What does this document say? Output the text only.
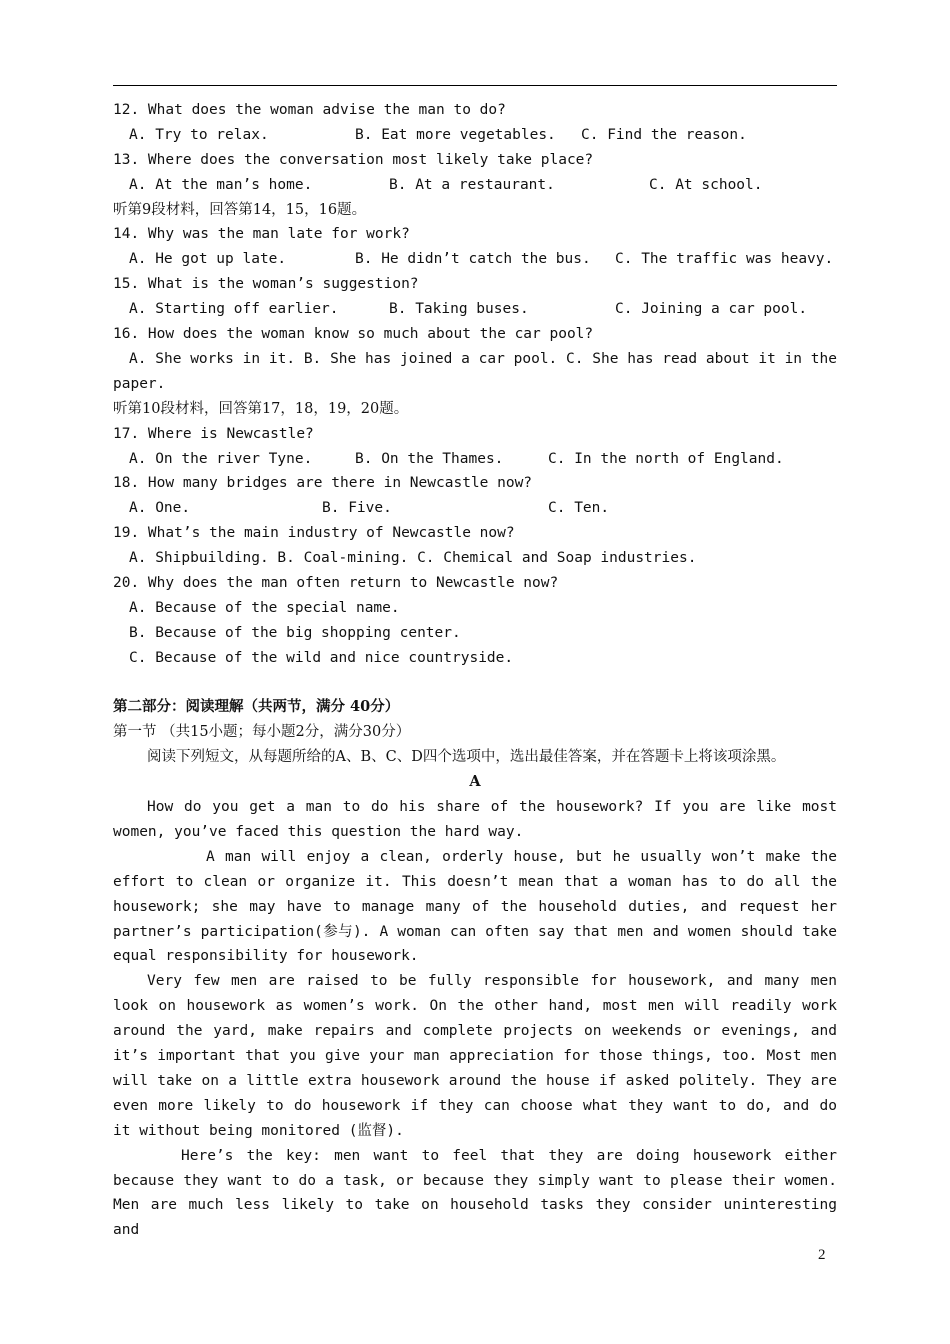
12. What does the woman advise the man to do?
A. Try to relax.	B. Eat more vegetables.	C. Find the reason.
13. Where does the conversation most likely take place?
A. At the man’s home.	B. At a restaurant.	C. At school.
听第9段材料，回答第14，15，16题。
14. Why was the man late for work?
A. He got up late.	B. He didn’t catch the bus.	C. The traffic was heavy.
15. What is the woman’s suggestion?
A. Starting off earlier.	B. Taking buses.	C. Joining a car pool.
16. How does the woman know so much about the car pool?
A. She works in it. B. She has joined a car pool. C. She has read about it in the paper.
听第10段材料，回答第17，18，19，20题。
17. Where is Newcastle?
A. On the river Tyne.	B. On the Thames.	C. In the north of England.
18. How many bridges are there in Newcastle now?
A. One.	B. Five.	C. Ten.
19. What’s the main industry of Newcastle now?
A. Shipbuilding. B. Coal-mining. C. Chemical and Soap industries.
20. Why does the man often return to Newcastle now?
A. Because of the special name.
B. Because of the big shopping center.
C. Because of the wild and nice countryside.
第二部分：阅读理解（共两节，满分 40分）
第一节 （共15小题；每小题2分，满分30分）
阅读下列短文，从每题所给的A、B、C、D四个选项中，选出最佳答案，并在答题卡上将该项涂黑。
A
How do you get a man to do his share of the housework? If you are like most women, you’ve faced this question the hard way.
A man will enjoy a clean, orderly house, but he usually won’t make the effort to clean or organize it. This doesn’t mean that a woman has to do all the housework; she may have to manage many of the household duties, and request her partner’s participation(参与). A woman can often say that men and women should take equal responsibility for housework.
Very few men are raised to be fully responsible for housework, and many men look on housework as women’s work. On the other hand, most men will readily work around the yard, make repairs and complete projects on weekends or evenings, and it’s important that you give your man appreciation for those things, too. Most men will take on a little extra housework around the house if asked politely. They are even more likely to do housework if they can choose what they want to do, and do it without being monitored (监督).
Here’s the key: men want to feel that they are doing housework either because they want to do a task, or because they simply want to please their women. Men are much less likely to take on household tasks they consider uninteresting and
2
